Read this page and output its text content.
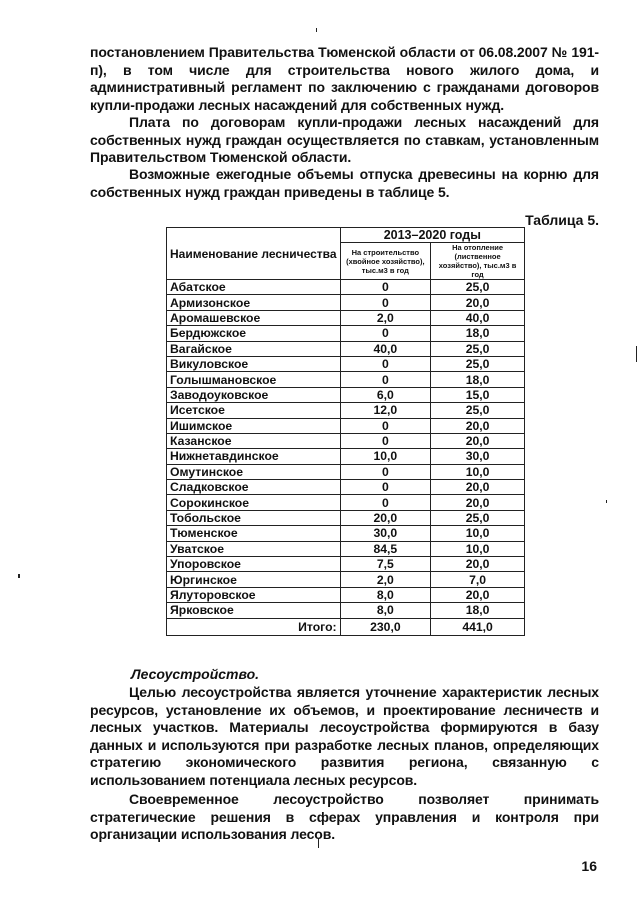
постановлением Правительства Тюменской области от 06.08.2007 № 191-п), в том числе для строительства нового жилого дома, и административный регламент по заключению с гражданами договоров купли-продажи лесных насаждений для собственных нужд.
Плата по договорам купли-продажи лесных насаждений для собственных нужд граждан осуществляется по ставкам, установленным Правительством Тюменской области.
Возможные ежегодные объемы отпуска древесины на корню для собственных нужд граждан приведены в таблице 5.
Таблица 5.
Наименование лесничества	2013–2020 годы	
	На строительство (хвойное хозяйство), тыс.м3 в год	На отопление (лиственное хозяйство), тыс.м3 в год
Абатское	0	25,0
Армизонское	0	20,0
Аромашевское	2,0	40,0
Бердюжское	0	18,0
Вагайское	40,0	25,0
Викуловское	0	25,0
Голышмановское	0	18,0
Заводоуковское	6,0	15,0
Исетское	12,0	25,0
Ишимское	0	20,0
Казанское	0	20,0
Нижнетавдинское	10,0	30,0
Омутинское	0	10,0
Сладковское	0	20,0
Сорокинское	0	20,0
Тобольское	20,0	25,0
Тюменское	30,0	10,0
Уватское	84,5	10,0
Упоровское	7,5	20,0
Юргинское	2,0	7,0
Ялуторовское	8,0	20,0
Ярковское	8,0	18,0
Итого:	230,0	441,0
Лесоустройство.
Целью лесоустройства является уточнение характеристик лесных ресурсов, установление их объемов, и проектирование лесничеств и лесных участков. Материалы лесоустройства формируются в базу данных и используются при разработке лесных планов, определяющих стратегию экономического развития региона, связанную с использованием потенциала лесных ресурсов.
Своевременное лесоустройство позволяет принимать стратегические решения в сферах управления и контроля при организации использования лесов.
16
